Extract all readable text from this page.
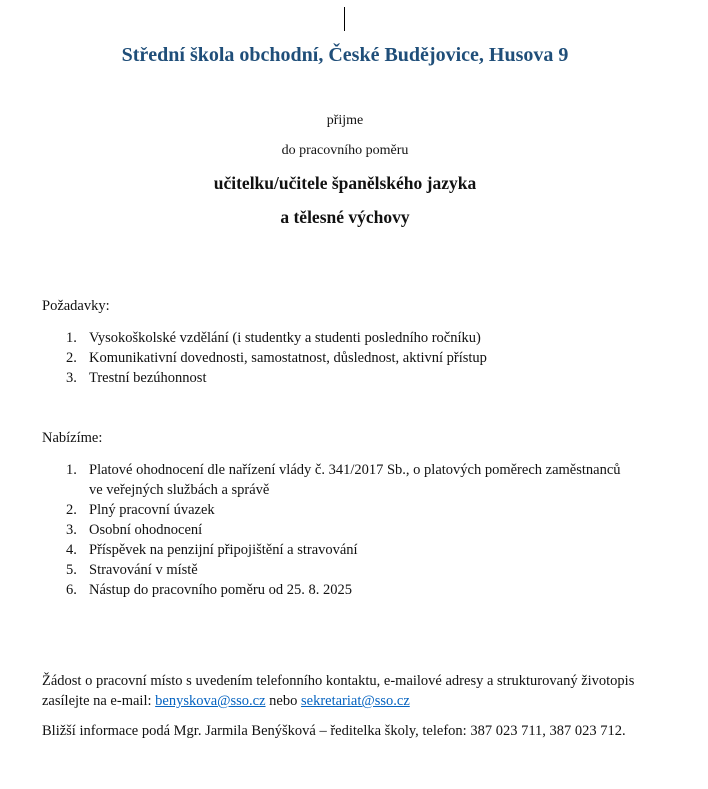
Střední škola obchodní, České Budějovice, Husova 9
přijme
do pracovního poměru
učitelku/učitele španělského jazyka
a tělesné výchovy
Požadavky:
1. Vysokoškolské vzdělání (i studentky a studenti posledního ročníku)
2. Komunikativní dovednosti, samostatnost, důslednost, aktivní přístup
3. Trestní bezúhonnost
Nabízíme:
1. Platové ohodnocení dle nařízení vlády č. 341/2017 Sb., o platových poměrech zaměstnanců ve veřejných službách a správě
2. Plný pracovní úvazek
3. Osobní ohodnocení
4. Příspěvek na penzijní připojištění a stravování
5. Stravování v místě
6. Nástup do pracovního poměru od 25. 8. 2025
Žádost o pracovní místo s uvedením telefonního kontaktu, e-mailové adresy a strukturovaný životopis zasílejte na e-mail: benyskova@sso.cz nebo sekretariat@sso.cz
Bližší informace podá Mgr. Jarmila Benýšková – ředitelka školy, telefon: 387 023 711, 387 023 712.
